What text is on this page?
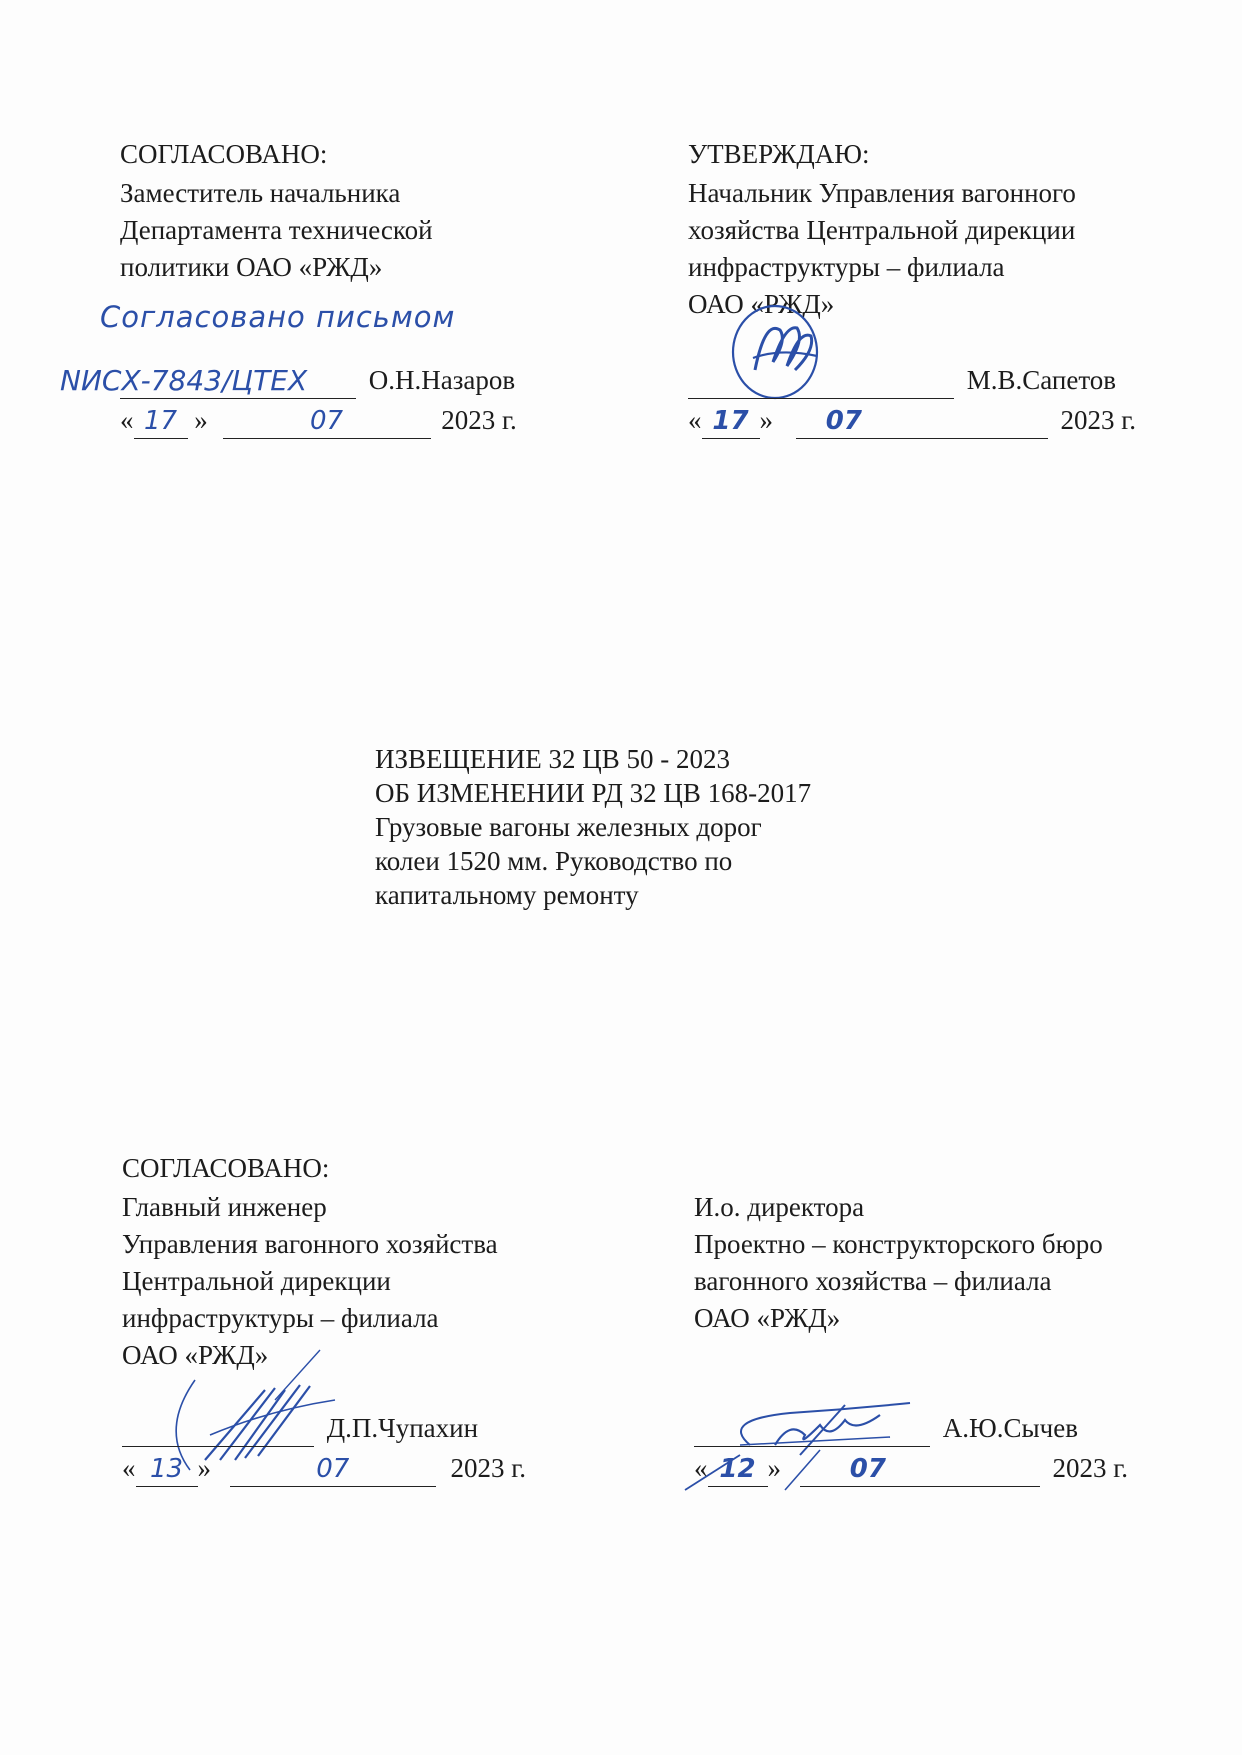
СОГЛАСОВАНО:
Заместитель начальника
Департамента технической
политики ОАО «РЖД»
Согласовано письмом
NИСХ-7843/ЦТЕХ О.Н.Назаров
« 17 »	07	2023 г.
УТВЕРЖДАЮ:
Начальник Управления вагонного
хозяйства Центральной дирекции
инфраструктуры – филиала
ОАО «РЖД»
М.В.Сапетов
« 17 » 07	2023 г.
ИЗВЕЩЕНИЕ 32 ЦВ 50 - 2023
ОБ ИЗМЕНЕНИИ РД 32 ЦВ 168-2017
Грузовые вагоны железных дорог
колеи 1520 мм. Руководство по
капитальному ремонту
СОГЛАСОВАНО:
Главный инженер
Управления вагонного хозяйства
Центральной дирекции
инфраструктуры – филиала
ОАО «РЖД»
Д.П.Чупахин
« 13 »	07	2023 г.
И.о. директора
Проектно – конструкторского бюро
вагонного хозяйства – филиала
ОАО «РЖД»
А.Ю.Сычев
« 12 »	07	2023 г.
